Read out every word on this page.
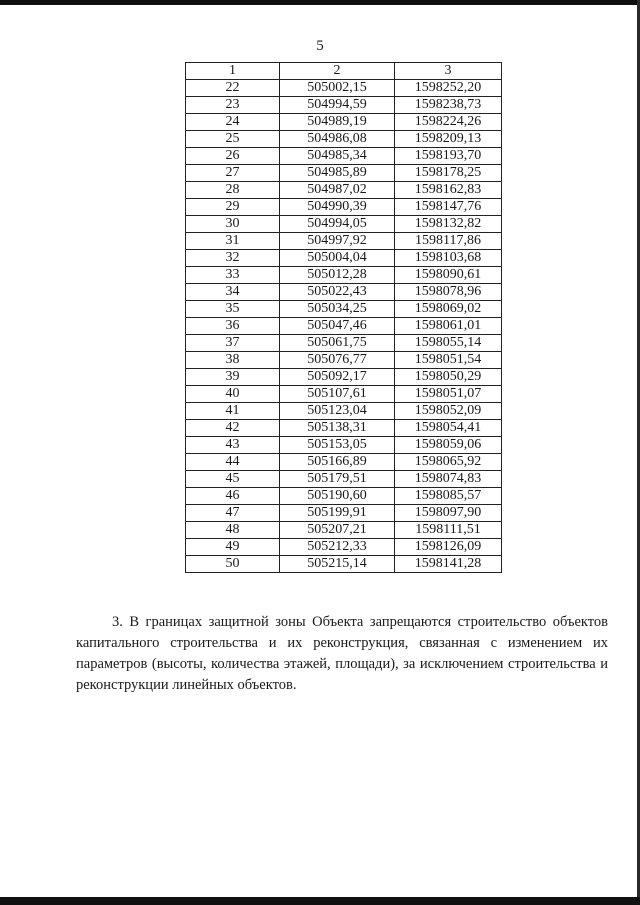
5
1	2	3
22	505002,15	1598252,20
23	504994,59	1598238,73
24	504989,19	1598224,26
25	504986,08	1598209,13
26	504985,34	1598193,70
27	504985,89	1598178,25
28	504987,02	1598162,83
29	504990,39	1598147,76
30	504994,05	1598132,82
31	504997,92	1598117,86
32	505004,04	1598103,68
33	505012,28	1598090,61
34	505022,43	1598078,96
35	505034,25	1598069,02
36	505047,46	1598061,01
37	505061,75	1598055,14
38	505076,77	1598051,54
39	505092,17	1598050,29
40	505107,61	1598051,07
41	505123,04	1598052,09
42	505138,31	1598054,41
43	505153,05	1598059,06
44	505166,89	1598065,92
45	505179,51	1598074,83
46	505190,60	1598085,57
47	505199,91	1598097,90
48	505207,21	1598111,51
49	505212,33	1598126,09
50	505215,14	1598141,28
3. В границах защитной зоны Объекта запрещаются строительство объектов капитального строительства и их реконструкция, связанная с изменением их параметров (высоты, количества этажей, площади), за исключением строительства и реконструкции линейных объектов.
